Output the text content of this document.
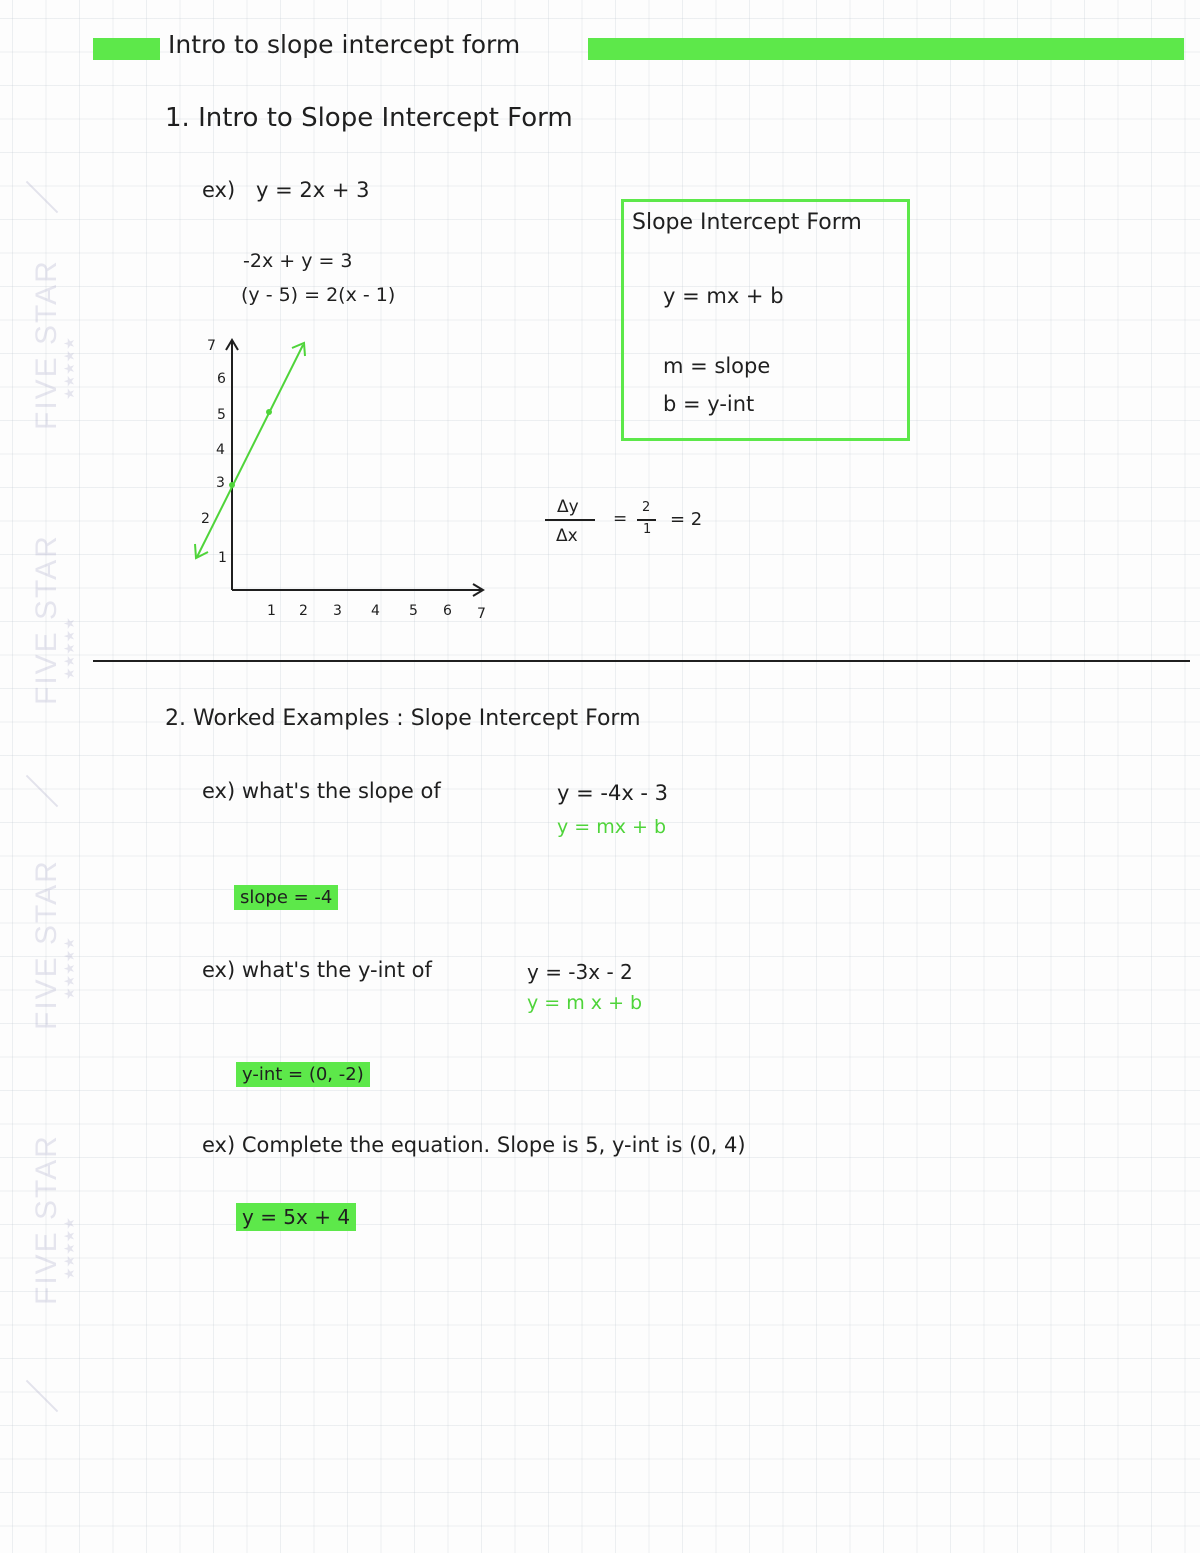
FIVE STAR ★★★★★
FIVE STAR ★★★★★
FIVE STAR ★★★★★
FIVE STAR ★★★★★
Intro to slope intercept form
1. Intro to Slope Intercept Form
ex) y = 2x + 3
-2x + y = 3
(y - 5) = 2(x - 1)
1
2
3
4
5
6
7
1 2 3 4 5 6 7
Δy
Δx
=
2
1 = 2
Slope Intercept Form
y = mx + b
m = slope
b = y-int
2. Worked Examples : Slope Intercept Form
ex) what's the slope of	y = -4x - 3
y = mx + b
slope = -4
ex) what's the y-int of	y = -3x - 2
y = m x + b
y-int = (0, -2)
ex) Complete the equation. Slope is 5, y-int is (0, 4)
y = 5x + 4
